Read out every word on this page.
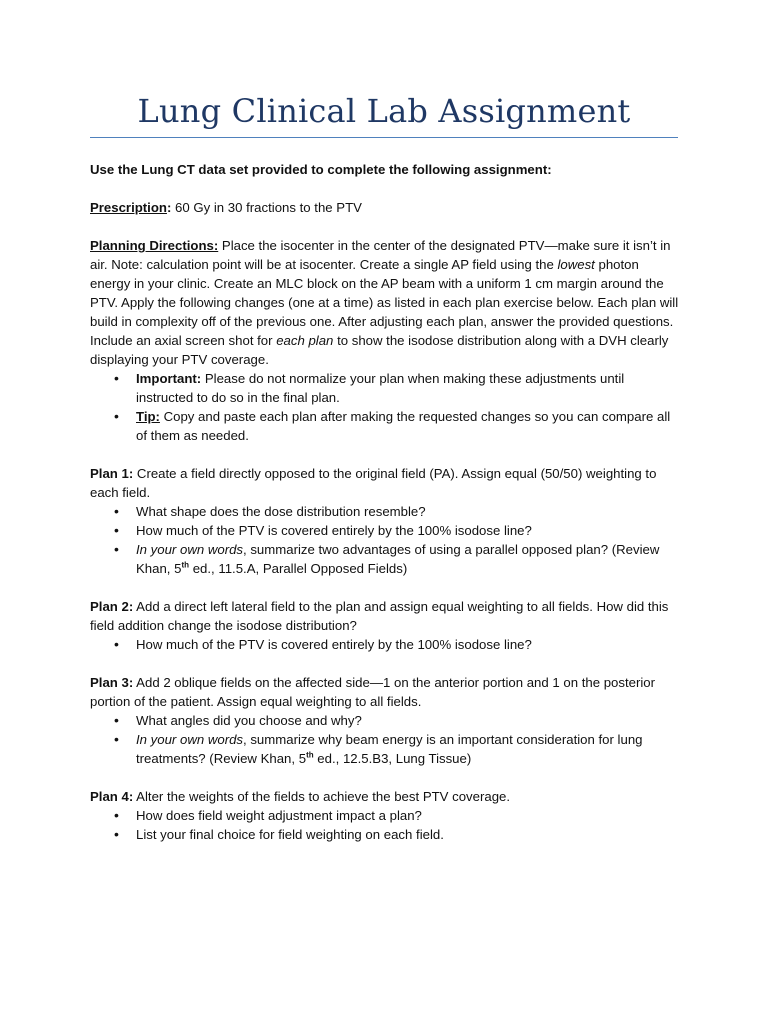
Lung Clinical Lab Assignment

Use the Lung CT data set provided to complete the following assignment:

Prescription: 60 Gy in 30 fractions to the PTV

Planning Directions: Place the isocenter in the center of the designated PTV—make sure it isn’t in air. Note: calculation point will be at isocenter. Create a single AP field using the lowest photon energy in your clinic. Create an MLC block on the AP beam with a uniform 1 cm margin around the PTV. Apply the following changes (one at a time) as listed in each plan exercise below. Each plan will build in complexity off of the previous one. After adjusting each plan, answer the provided questions. Include an axial screen shot for each plan to show the isodose distribution along with a DVH clearly displaying your PTV coverage.

• Important: Please do not normalize your plan when making these adjustments until instructed to do so in the final plan.
• Tip: Copy and paste each plan after making the requested changes so you can compare all of them as needed.

Plan 1: Create a field directly opposed to the original field (PA). Assign equal (50/50) weighting to each field.

• What shape does the dose distribution resemble?
• How much of the PTV is covered entirely by the 100% isodose line?
• In your own words, summarize two advantages of using a parallel opposed plan? (Review Khan, 5th ed., 11.5.A, Parallel Opposed Fields)

Plan 2: Add a direct left lateral field to the plan and assign equal weighting to all fields. How did this field addition change the isodose distribution?

• How much of the PTV is covered entirely by the 100% isodose line?

Plan 3: Add 2 oblique fields on the affected side—1 on the anterior portion and 1 on the posterior portion of the patient. Assign equal weighting to all fields.

• What angles did you choose and why?
• In your own words, summarize why beam energy is an important consideration for lung treatments? (Review Khan, 5th ed., 12.5.B3, Lung Tissue)

Plan 4: Alter the weights of the fields to achieve the best PTV coverage.

• How does field weight adjustment impact a plan?
• List your final choice for field weighting on each field.
